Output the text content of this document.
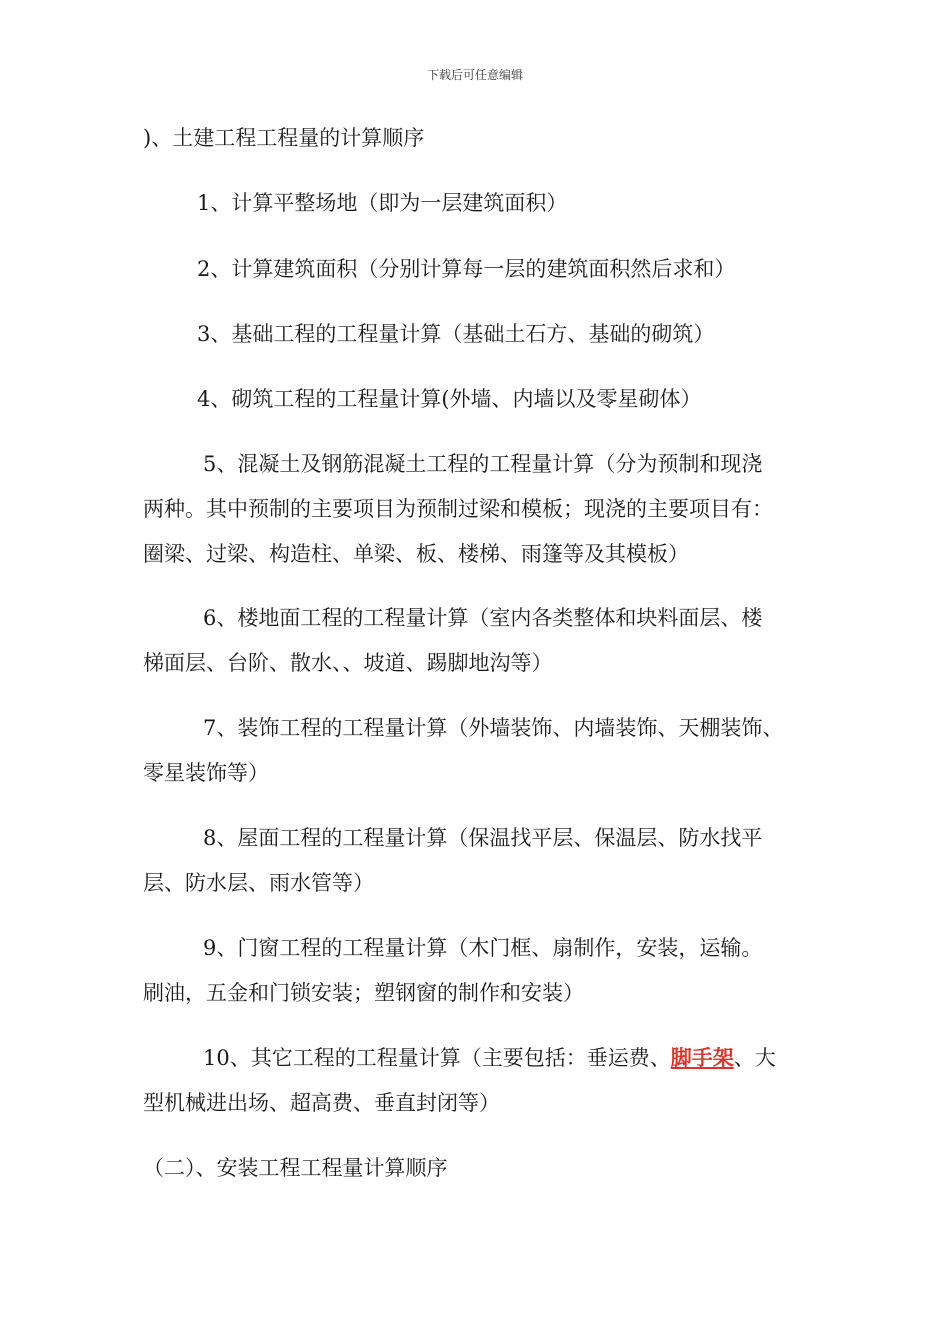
下载后可任意编辑
)、土建工程工程量的计算顺序
1、计算平整场地（即为一层建筑面积）
2、计算建筑面积（分别计算每一层的建筑面积然后求和）
3、基础工程的工程量计算（基础土石方、基础的砌筑）
4、砌筑工程的工程量计算(外墙、内墙以及零星砌体）
5、混凝土及钢筋混凝土工程的工程量计算（分为预制和现浇
两种。其中预制的主要项目为预制过梁和模板；现浇的主要项目有：
圈梁、过梁、构造柱、单梁、板、楼梯、雨篷等及其模板）
6、楼地面工程的工程量计算（室内各类整体和块料面层、楼
梯面层、台阶、散水、、坡道、踢脚地沟等）
7、装饰工程的工程量计算（外墙装饰、内墙装饰、天棚装饰、
零星装饰等）
8、屋面工程的工程量计算（保温找平层、保温层、防水找平
层、防水层、雨水管等）
9、门窗工程的工程量计算（木门框、扇制作，安装，运输。
刷油，五金和门锁安装；塑钢窗的制作和安装）
10、其它工程的工程量计算（主要包括：垂运费、脚手架、大
型机械进出场、超高费、垂直封闭等）
（二）、安装工程工程量计算顺序
